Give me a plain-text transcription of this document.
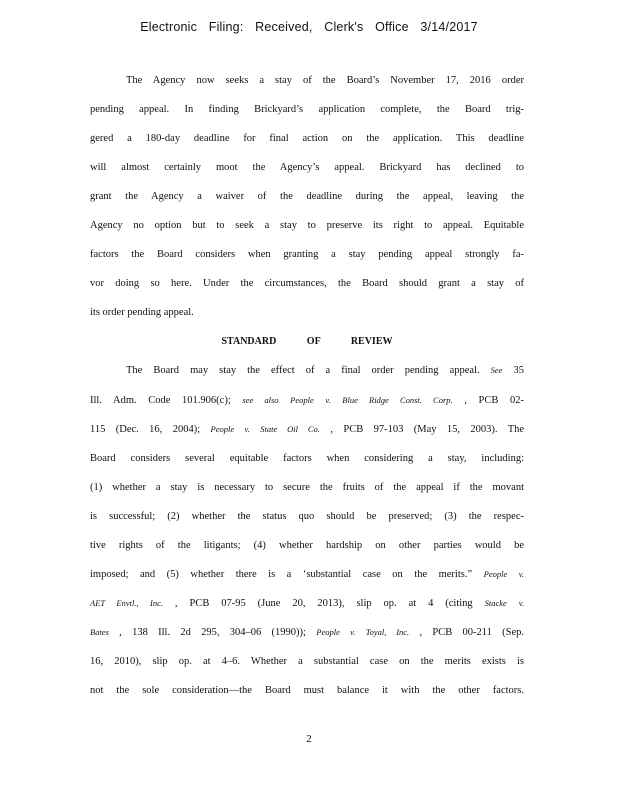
Electronic Filing: Received, Clerk's Office 3/14/2017
The Agency now seeks a stay of the Board’s November 17, 2016 order
pending appeal. In finding Brickyard’s application complete, the Board trig-
gered a 180-day deadline for final action on the application. This deadline
will almost certainly moot the Agency’s appeal. Brickyard has declined to
grant the Agency a waiver of the deadline during the appeal, leaving the
Agency no option but to seek a stay to preserve its right to appeal. Equitable
factors the Board considers when granting a stay pending appeal strongly fa-
vor doing so here. Under the circumstances, the Board should grant a stay of
its order pending appeal.
STANDARD OF REVIEW
The Board may stay the effect of a final order pending appeal. See 35
Ill. Adm. Code 101.906(c); see also People v. Blue Ridge Const. Corp. , PCB 02-
115 (Dec. 16, 2004); People v. State Oil Co. , PCB 97-103 (May 15, 2003). The
Board considers several equitable factors when considering a stay, including:
(1) whether a stay is necessary to secure the fruits of the appeal if the movant
is successful; (2) whether the status quo should be preserved; (3) the respec-
tive rights of the litigants; (4) whether hardship on other parties would be
imposed; and (5) whether there is a ‘substantial case on the merits.” People v.
AET Envtl., Inc. , PCB 07-95 (June 20, 2013), slip op. at 4 (citing Stacke v.
Bates , 138 Ill. 2d 295, 304–06 (1990)); People v. Toyal, Inc. , PCB 00-211 (Sep.
16, 2010), slip op. at 4–6. Whether a substantial case on the merits exists is
not the sole consideration—the Board must balance it with the other factors.
2
